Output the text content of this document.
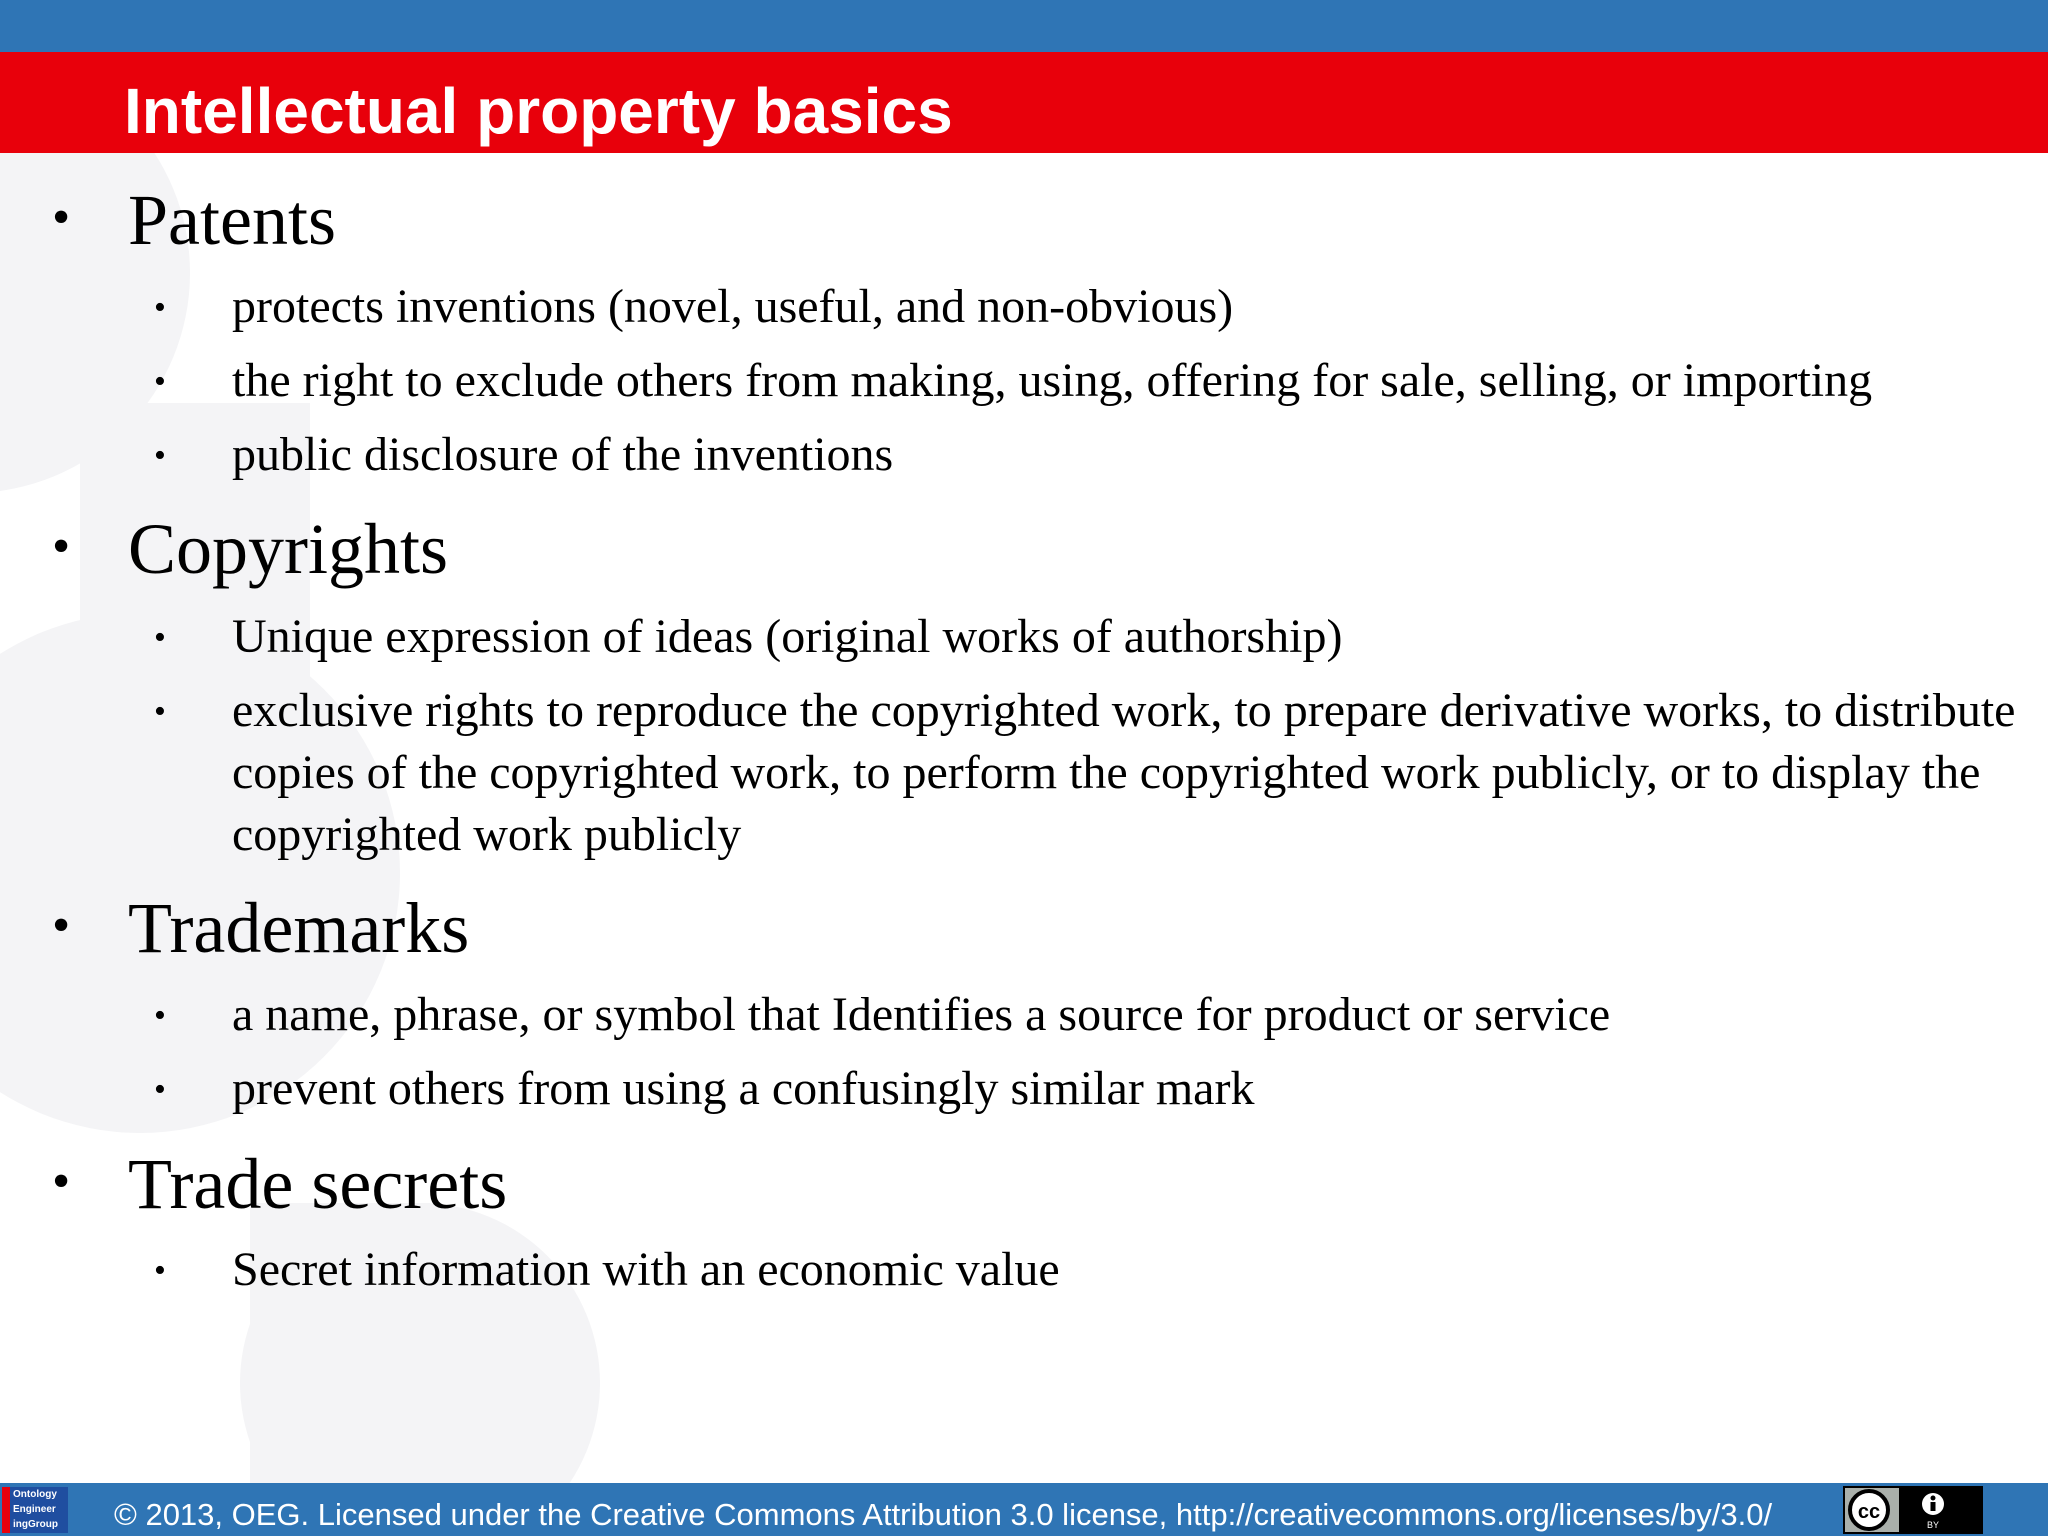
Intellectual property basics
• Patents
• protects inventions (novel, useful, and non-obvious)
• the right to exclude others from making, using, offering for sale, selling, or importing
• public disclosure of the inventions
• Copyrights
• Unique expression of ideas (original works of authorship)
• exclusive rights to reproduce the copyrighted work, to prepare derivative works, to distribute copies of the copyrighted work, to perform the copyrighted work publicly, or to display the copyrighted work publicly
• Trademarks
• a name, phrase, or symbol that Identifies a source for product or service
• prevent others from using a confusingly similar mark
• Trade secrets
• Secret information with an economic value
Ontology Engineer ingGroup	© 2013, OEG. Licensed under the Creative Commons Attribution 3.0 license, http://creativecommons.org/licenses/by/3.0/	cc
BY
